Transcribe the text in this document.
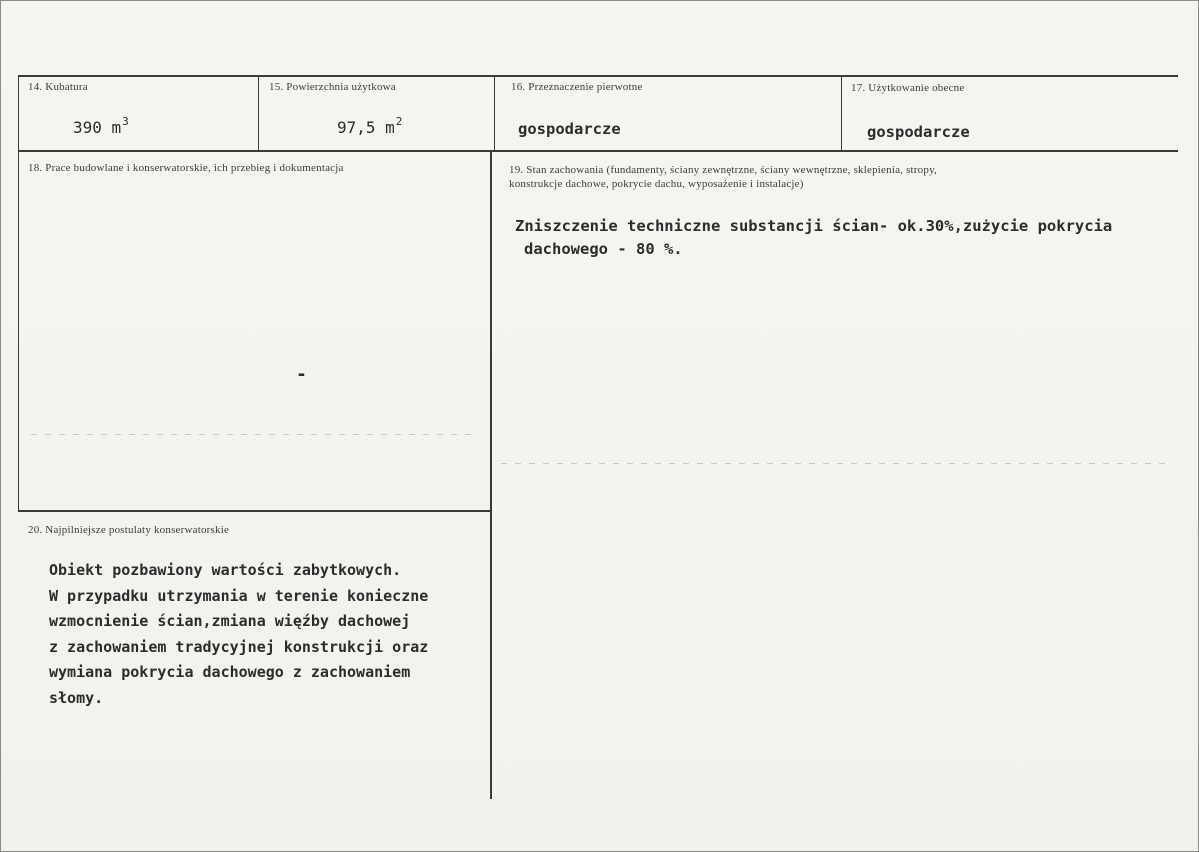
14. Kubatura
390 $m^3$
15. Powierzchnia użytkowa
97,5 $m^2$
16. Przeznaczenie pierwotne
gospodarcze
17. Użytkowanie obecne
gospodarcze
18. Prace budowlane i konserwatorskie, ich przebieg i dokumentacja
-
19. Stan zachowania (fundamenty, ściany zewnętrzne, ściany wewnętrzne, sklepienia, stropy,
konstrukcje dachowe, pokrycie dachu, wyposażenie i instalacje)
Zniszczenie techniczne substancji ścian- ok.30%,zużycie pokrycia
dachowego - 80 %.
20. Najpilniejsze postulaty konserwatorskie
Obiekt pozbawiony wartości zabytkowych.
W przypadku utrzymania w terenie konieczne
wzmocnienie ścian,zmiana więźby dachowej
z zachowaniem tradycyjnej konstrukcji oraz
wymiana pokrycia dachowego z zachowaniem
słomy.
